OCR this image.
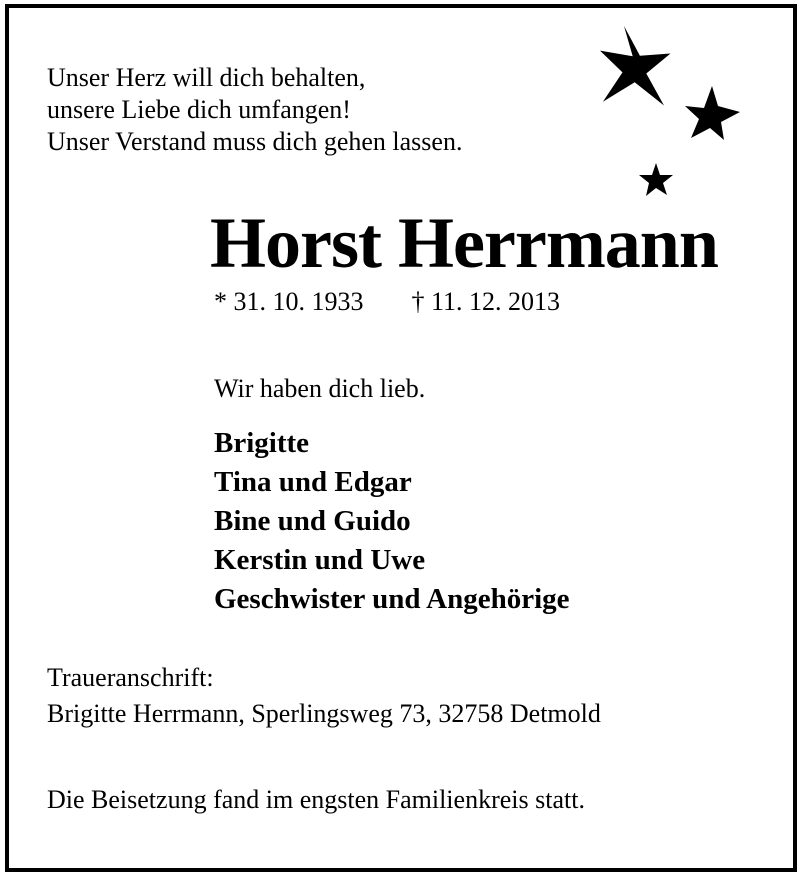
Unser Herz will dich behalten,
unsere Liebe dich umfangen!
Unser Verstand muss dich gehen lassen.
Horst Herrmann
* 31. 10. 1933 † 11. 12. 2013
Wir haben dich lieb.
Brigitte
Tina und Edgar
Bine und Guido
Kerstin und Uwe
Geschwister und Angehörige
Traueranschrift:
Brigitte Herrmann, Sperlingsweg 73, 32758 Detmold
Die Beisetzung fand im engsten Familienkreis statt.
